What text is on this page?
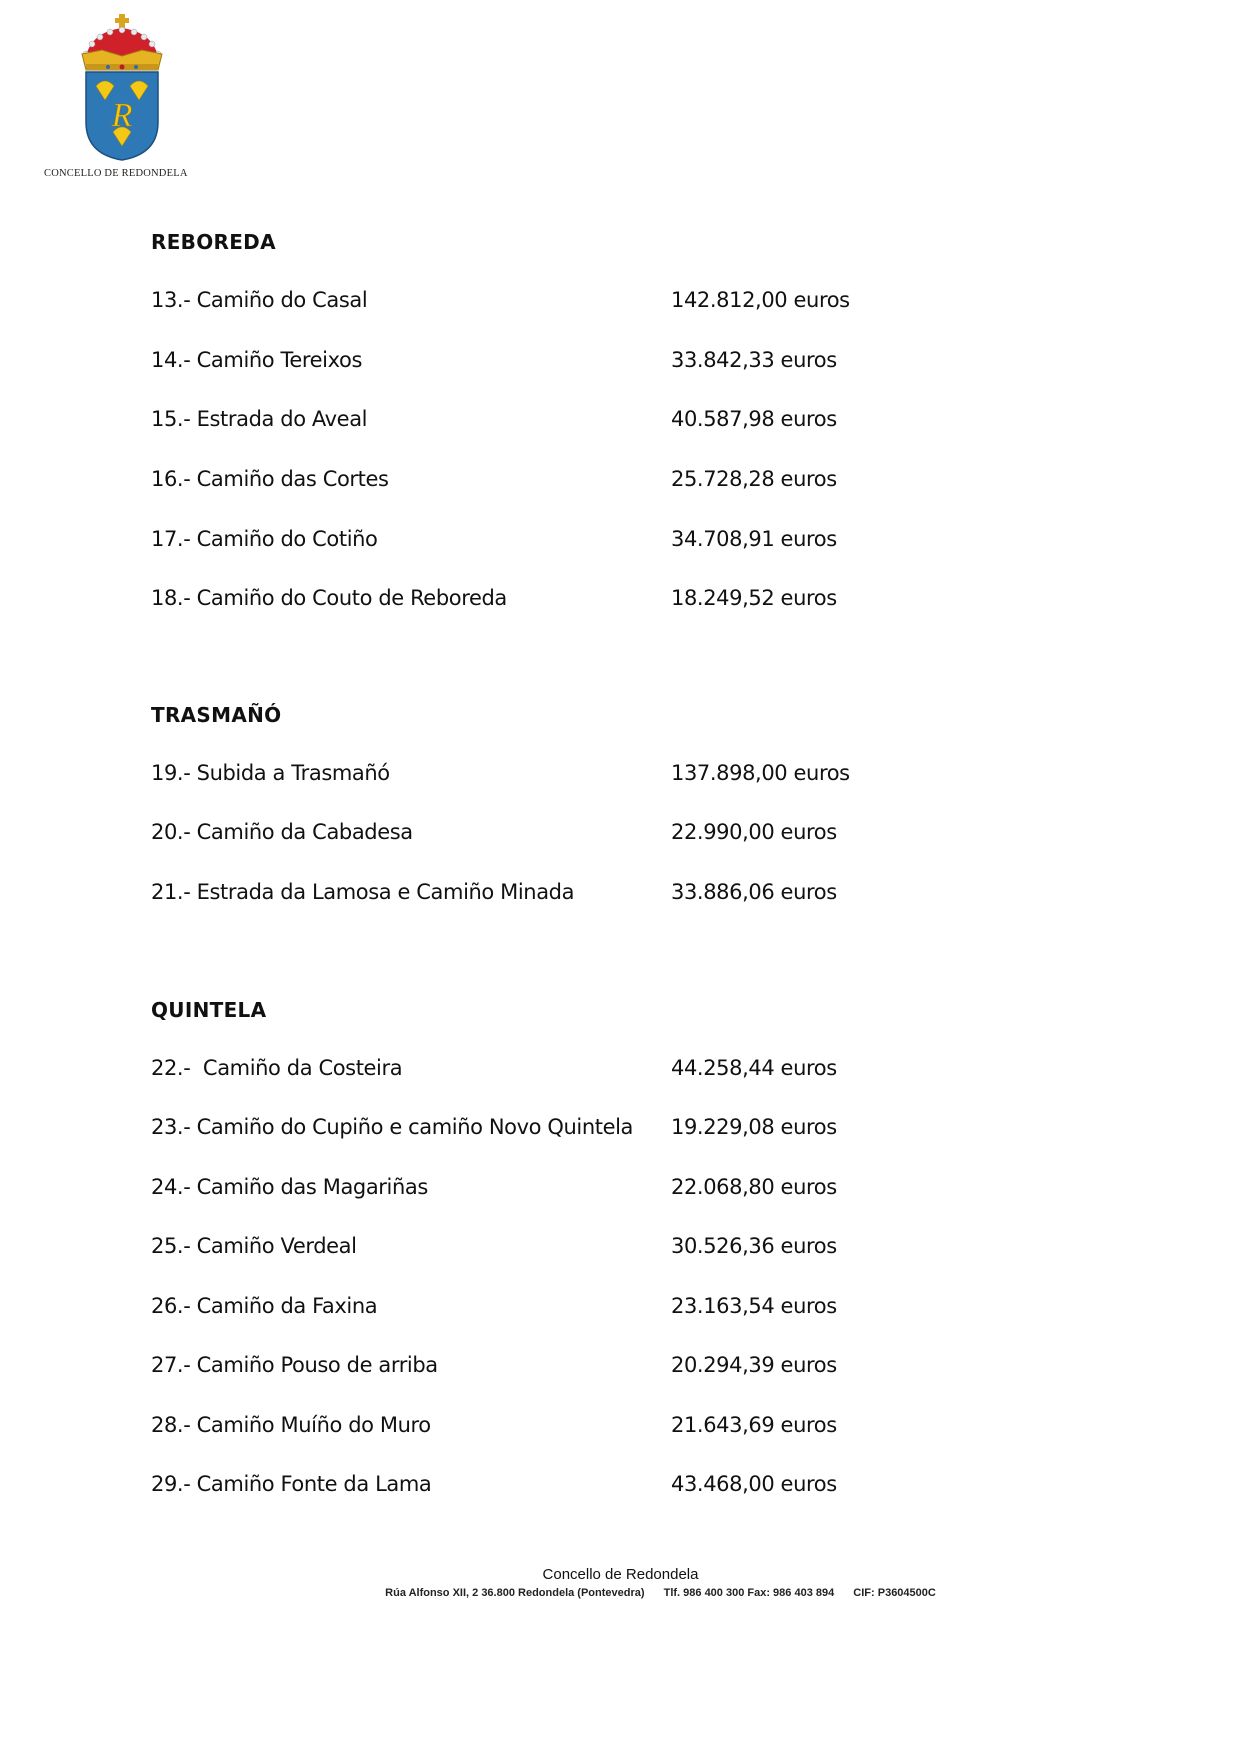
R
CONCELLO DE REDONDELA
REBOREDA
13.- Camiño do Casal	142.812,00 euros
14.- Camiño Tereixos	33.842,33 euros
15.- Estrada do Aveal	40.587,98 euros
16.- Camiño das Cortes	25.728,28 euros
17.- Camiño do Cotiño	34.708,91 euros
18.- Camiño do Couto de Reboreda	18.249,52 euros
TRASMAÑÓ
19.- Subida a Trasmañó	137.898,00 euros
20.- Camiño da Cabadesa	22.990,00 euros
21.- Estrada da Lamosa e Camiño Minada	33.886,06 euros
QUINTELA
22.-  Camiño da Costeira	44.258,44 euros
23.- Camiño do Cupiño e camiño Novo Quintela 19.229,08 euros
24.- Camiño das Magariñas	22.068,80 euros
25.- Camiño Verdeal	30.526,36 euros
26.- Camiño da Faxina	23.163,54 euros
27.- Camiño Pouso de arriba	20.294,39 euros
28.- Camiño Muíño do Muro	21.643,69 euros
29.- Camiño Fonte da Lama	43.468,00 euros
Concello de Redondela
Rúa Alfonso XII, 2 36.800 Redondela (Pontevedra) Tlf. 986 400 300 Fax: 986 403 894 CIF: P3604500C
